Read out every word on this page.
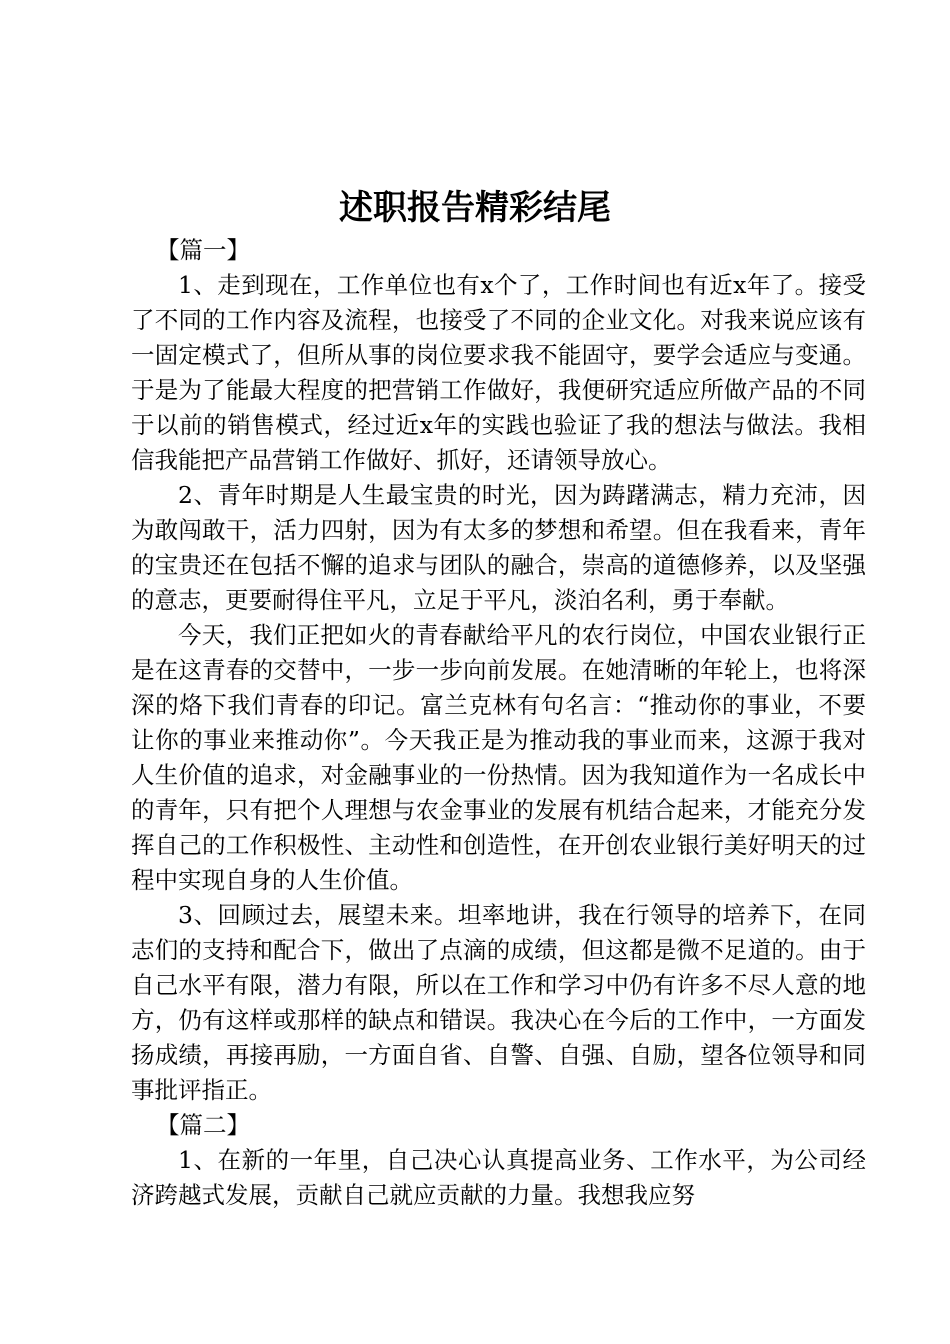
述职报告精彩结尾

【篇一】

1、走到现在，工作单位也有x个了，工作时间也有近x年了。接受了不同的工作内容及流程，也接受了不同的企业文化。对我来说应该有一固定模式了，但所从事的岗位要求我不能固守，要学会适应与变通。于是为了能最大程度的把营销工作做好，我便研究适应所做产品的不同于以前的销售模式，经过近x年的实践也验证了我的想法与做法。我相信我能把产品营销工作做好、抓好，还请领导放心。

2、青年时期是人生最宝贵的时光，因为踌躇满志，精力充沛，因为敢闯敢干，活力四射，因为有太多的梦想和希望。但在我看来，青年的宝贵还在包括不懈的追求与团队的融合，崇高的道德修养，以及坚强的意志，更要耐得住平凡，立足于平凡，淡泊名利，勇于奉献。

今天，我们正把如火的青春献给平凡的农行岗位，中国农业银行正是在这青春的交替中，一步一步向前发展。在她清晰的年轮上，也将深深的烙下我们青春的印记。富兰克林有句名言：“推动你的事业，不要让你的事业来推动你”。今天我正是为推动我的事业而来，这源于我对人生价值的追求，对金融事业的一份热情。因为我知道作为一名成长中的青年，只有把个人理想与农金事业的发展有机结合起来，才能充分发挥自己的工作积极性、主动性和创造性，在开创农业银行美好明天的过程中实现自身的人生价值。

3、回顾过去，展望未来。坦率地讲，我在行领导的培养下，在同志们的支持和配合下，做出了点滴的成绩，但这都是微不足道的。由于自己水平有限，潜力有限，所以在工作和学习中仍有许多不尽人意的地方，仍有这样或那样的缺点和错误。我决心在今后的工作中，一方面发扬成绩，再接再励，一方面自省、自警、自强、自励，望各位领导和同事批评指正。

【篇二】

1、在新的一年里，自己决心认真提高业务、工作水平，为公司经济跨越式发展，贡献自己就应贡献的力量。我想我应努
